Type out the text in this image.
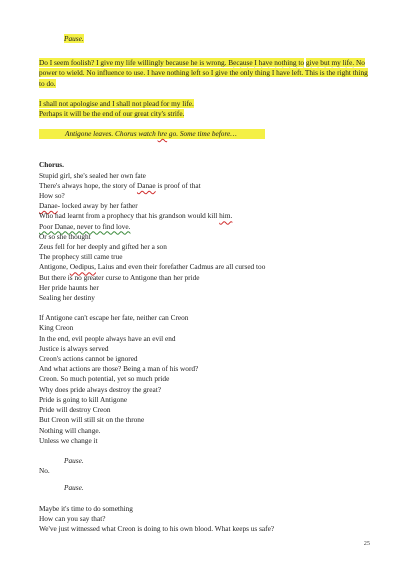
Pause.

Do I seem foolish? I give my life willingly because he is wrong. Because I have nothing to give but my life. No power to wield. No influence to use. I have nothing left so I give the only thing I have left. This is the right thing to do.

I shall not apologise and I shall not plead for my life.
Perhaps it will be the end of our great city's strife.
Antigone leaves. Chorus watch hre go. Some time before…
Chorus.
Stupid girl, she's sealed her own fate
There's always hope, the story of Danae is proof of that
How so?
Danae- locked away by her father
Who had learnt from a prophecy that his grandson would kill him.
Poor Danae, never to find love.
Or so she thought
Zeus fell for her deeply and gifted her a son
The prophecy still came true
Antigone, Oedipus, Laius and even their forefather Cadmus are all cursed too
But there is no greater curse to Antigone than her pride
Her pride haunts her
Sealing her destiny
If Antigone can't escape her fate, neither can Creon
King Creon
In the end, evil people always have an evil end
Justice is always served
Creon's actions cannot be ignored
And what actions are those? Being a man of his word?
Creon. So much potential, yet so much pride
Why does pride always destroy the great?
Pride is going to kill Antigone
Pride will destroy Creon
But Creon will still sit on the throne
Nothing will change.
Unless we change it
Pause.
No.
Pause.
Maybe it's time to do something
How can you say that?
We've just witnessed what Creon is doing to his own blood. What keeps us safe?
25
